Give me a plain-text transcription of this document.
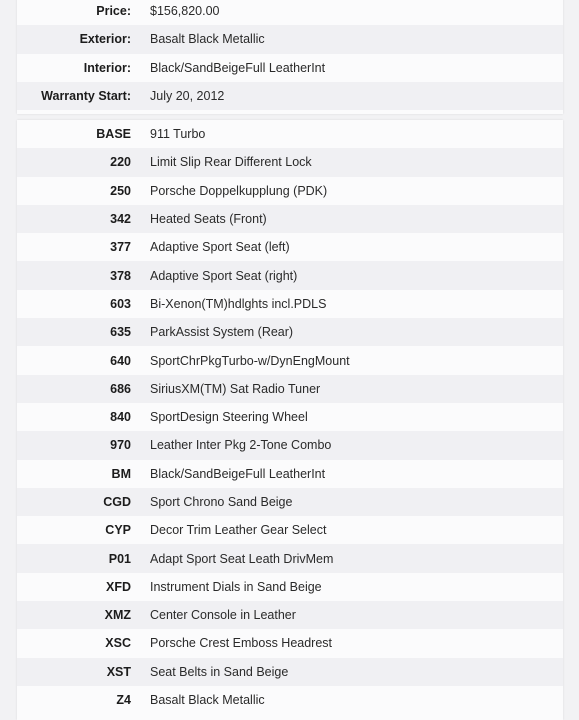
Price:	$156,820.00
Exterior:	Basalt Black Metallic
Interior:	Black/SandBeigeFull LeatherInt
Warranty Start:	July 20, 2012
BASE	911 Turbo
220	Limit Slip Rear Different Lock
250	Porsche Doppelkupplung (PDK)
342	Heated Seats (Front)
377	Adaptive Sport Seat (left)
378	Adaptive Sport Seat (right)
603	Bi-Xenon(TM)hdlghts incl.PDLS
635	ParkAssist System (Rear)
640	SportChrPkgTurbo-w/DynEngMount
686	SiriusXM(TM) Sat Radio Tuner
840	SportDesign Steering Wheel
970	Leather Inter Pkg 2-Tone Combo
BM	Black/SandBeigeFull LeatherInt
CGD	Sport Chrono Sand Beige
CYP	Decor Trim Leather Gear Select
P01	Adapt Sport Seat Leath DrivMem
XFD	Instrument Dials in Sand Beige
XMZ	Center Console in Leather
XSC	Porsche Crest Emboss Headrest
XST	Seat Belts in Sand Beige
Z4	Basalt Black Metallic
